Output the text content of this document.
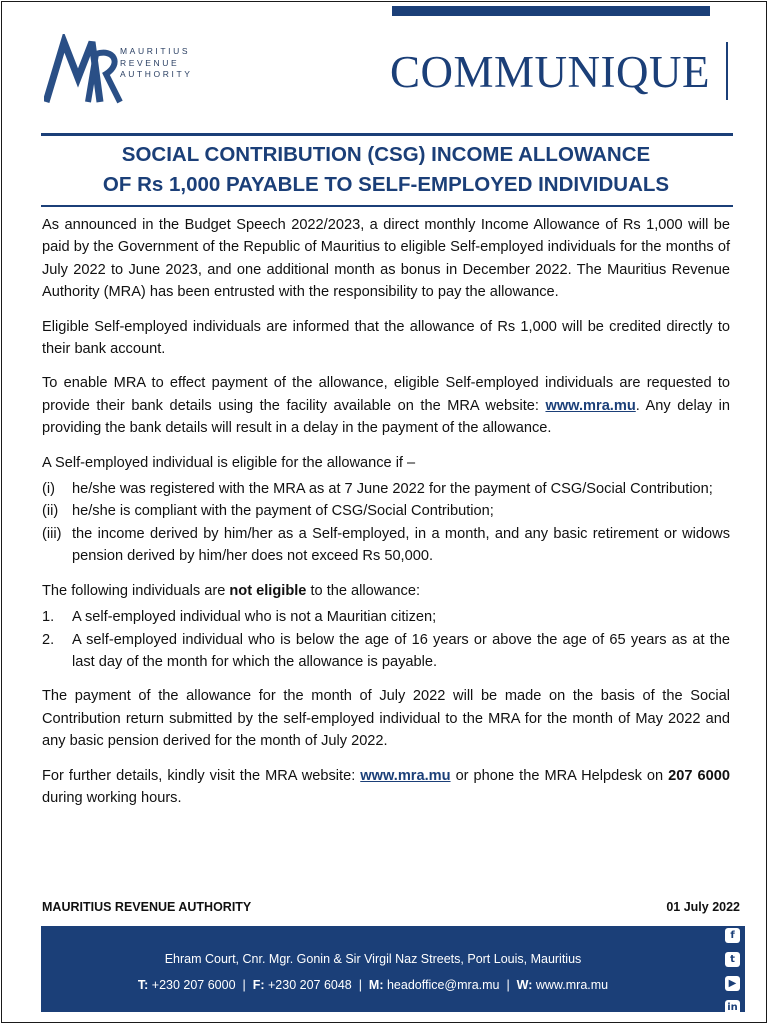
MAURITIUS
REVENUE
AUTHORITY	COMMUNIQUE
SOCIAL CONTRIBUTION (CSG) INCOME ALLOWANCE
OF Rs 1,000 PAYABLE TO SELF-EMPLOYED INDIVIDUALS

As announced in the Budget Speech 2022/2023, a direct monthly Income Allowance of Rs 1,000 will be paid by the Government of the Republic of Mauritius to eligible Self-employed individuals for the months of July 2022 to June 2023, and one additional month as bonus in December 2022. The Mauritius Revenue Authority (MRA) has been entrusted with the responsibility to pay the allowance.

Eligible Self-employed individuals are informed that the allowance of Rs 1,000 will be credited directly to their bank account.

To enable MRA to effect payment of the allowance, eligible Self-employed individuals are requested to provide their bank details using the facility available on the MRA website: www.mra.mu. Any delay in providing the bank details will result in a delay in the payment of the allowance.

A Self-employed individual is eligible for the allowance if –

(i) he/she was registered with the MRA as at 7 June 2022 for the payment of CSG/Social Contribution;
(ii) he/she is compliant with the payment of CSG/Social Contribution;
(iii) the income derived by him/her as a Self-employed, in a month, and any basic retirement or widows pension derived by him/her does not exceed Rs 50,000.

The following individuals are not eligible to the allowance:

1. A self-employed individual who is not a Mauritian citizen;
2. A self-employed individual who is below the age of 16 years or above the age of 65 years as at the last day of the month for which the allowance is payable.

The payment of the allowance for the month of July 2022 will be made on the basis of the Social Contribution return submitted by the self-employed individual to the MRA for the month of May 2022 and any basic pension derived for the month of July 2022.

For further details, kindly visit the MRA website: www.mra.mu or phone the MRA Helpdesk on 207 6000 during working hours.

MAURITIUS REVENUE AUTHORITY	01 July 2022
Ehram Court, Cnr. Mgr. Gonin & Sir Virgil Naz Streets, Port Louis, Mauritius
T: +230 207 6000 | F: +230 207 6048 | M: headoffice@mra.mu | W: www.mra.mu
f
t
▶
in
